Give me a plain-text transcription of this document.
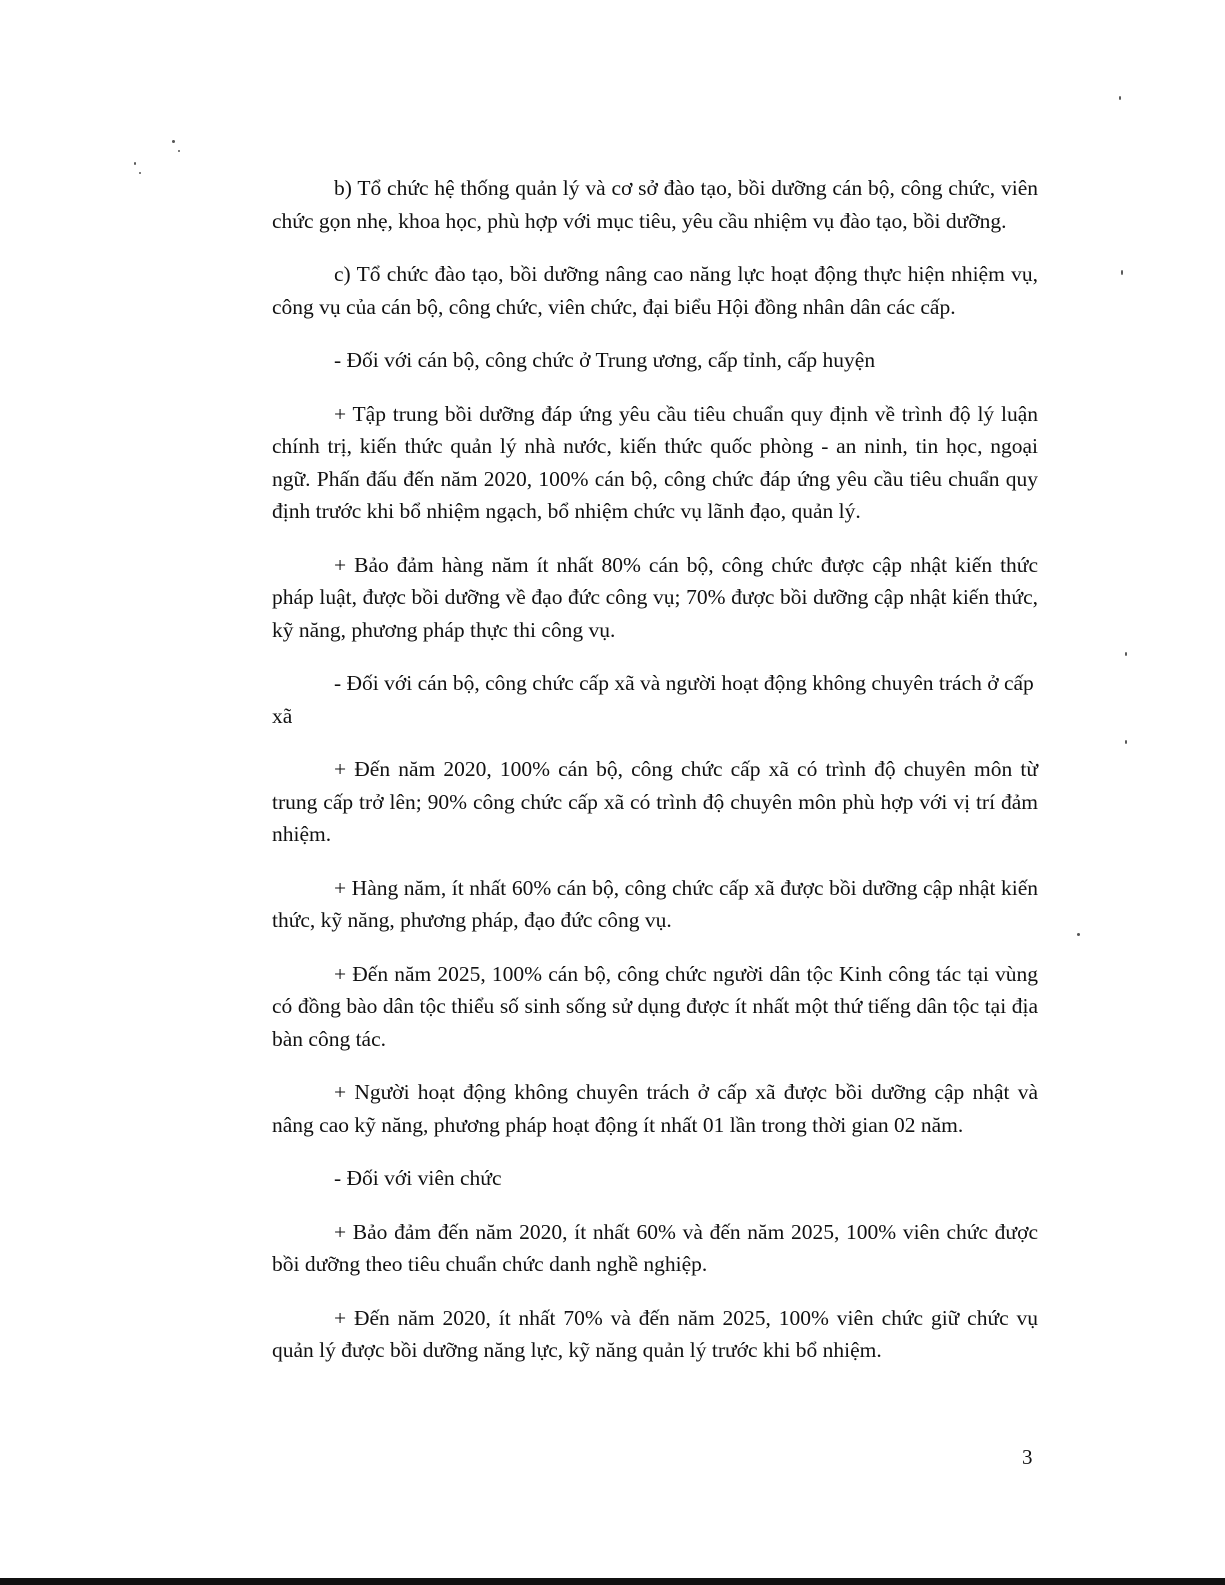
b) Tổ chức hệ thống quản lý và cơ sở đào tạo, bồi dưỡng cán bộ, công chức, viên chức gọn nhẹ, khoa học, phù hợp với mục tiêu, yêu cầu nhiệm vụ đào tạo, bồi dưỡng.

c) Tổ chức đào tạo, bồi dưỡng nâng cao năng lực hoạt động thực hiện nhiệm vụ, công vụ của cán bộ, công chức, viên chức, đại biểu Hội đồng nhân dân các cấp.

- Đối với cán bộ, công chức ở Trung ương, cấp tỉnh, cấp huyện

+ Tập trung bồi dưỡng đáp ứng yêu cầu tiêu chuẩn quy định về trình độ lý luận chính trị, kiến thức quản lý nhà nước, kiến thức quốc phòng - an ninh, tin học, ngoại ngữ. Phấn đấu đến năm 2020, 100% cán bộ, công chức đáp ứng yêu cầu tiêu chuẩn quy định trước khi bổ nhiệm ngạch, bổ nhiệm chức vụ lãnh đạo, quản lý.

+ Bảo đảm hàng năm ít nhất 80% cán bộ, công chức được cập nhật kiến thức pháp luật, được bồi dưỡng về đạo đức công vụ; 70% được bồi dưỡng cập nhật kiến thức, kỹ năng, phương pháp thực thi công vụ.

- Đối với cán bộ, công chức cấp xã và người hoạt động không chuyên trách ở cấp xã

+ Đến năm 2020, 100% cán bộ, công chức cấp xã có trình độ chuyên môn từ trung cấp trở lên; 90% công chức cấp xã có trình độ chuyên môn phù hợp với vị trí đảm nhiệm.

+ Hàng năm, ít nhất 60% cán bộ, công chức cấp xã được bồi dưỡng cập nhật kiến thức, kỹ năng, phương pháp, đạo đức công vụ.

+ Đến năm 2025, 100% cán bộ, công chức người dân tộc Kinh công tác tại vùng có đồng bào dân tộc thiểu số sinh sống sử dụng được ít nhất một thứ tiếng dân tộc tại địa bàn công tác.

+ Người hoạt động không chuyên trách ở cấp xã được bồi dưỡng cập nhật và nâng cao kỹ năng, phương pháp hoạt động ít nhất 01 lần trong thời gian 02 năm.

- Đối với viên chức

+ Bảo đảm đến năm 2020, ít nhất 60% và đến năm 2025, 100% viên chức được bồi dưỡng theo tiêu chuẩn chức danh nghề nghiệp.

+ Đến năm 2020, ít nhất 70% và đến năm 2025, 100% viên chức giữ chức vụ quản lý được bồi dưỡng năng lực, kỹ năng quản lý trước khi bổ nhiệm.

3
